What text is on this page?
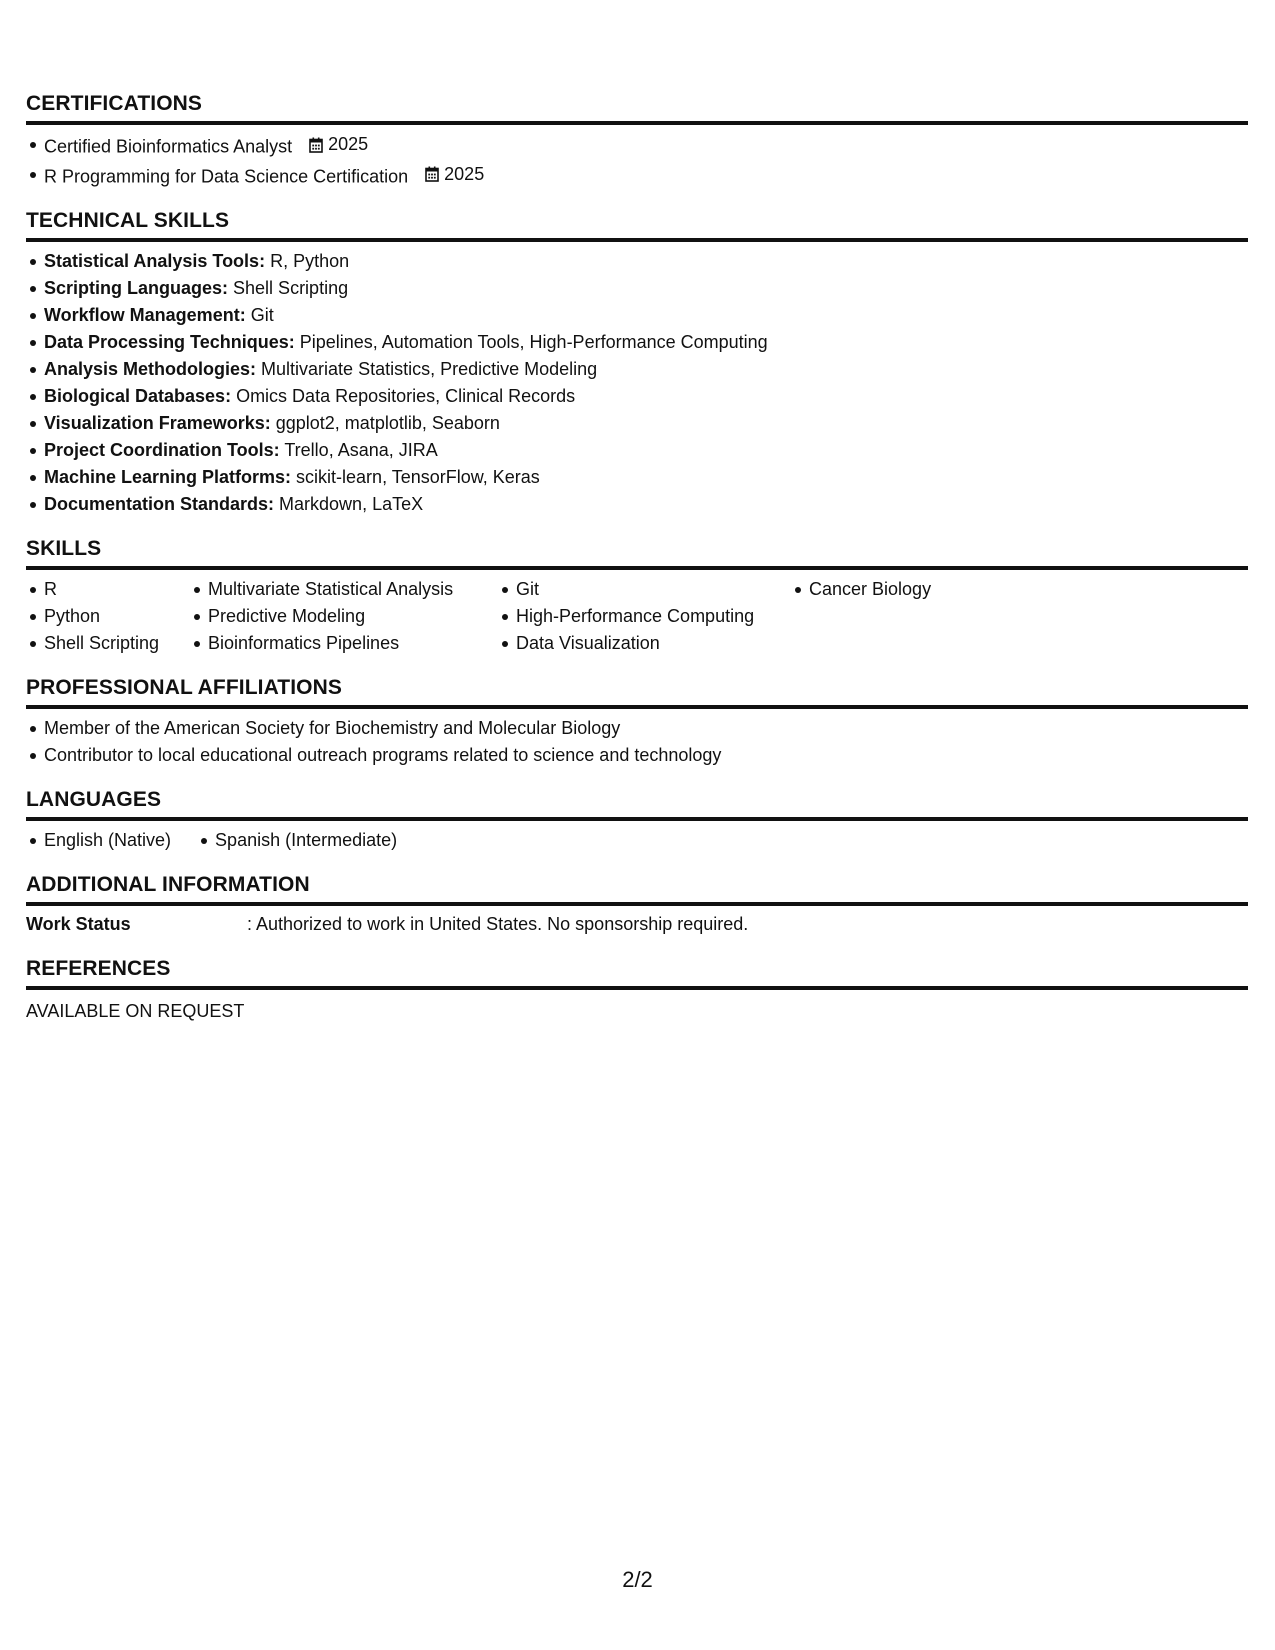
CERTIFICATIONS
Certified Bioinformatics Analyst 2025
R Programming for Data Science Certification 2025
TECHNICAL SKILLS
Statistical Analysis Tools: R, Python
Scripting Languages: Shell Scripting
Workflow Management: Git
Data Processing Techniques: Pipelines, Automation Tools, High-Performance Computing
Analysis Methodologies: Multivariate Statistics, Predictive Modeling
Biological Databases: Omics Data Repositories, Clinical Records
Visualization Frameworks: ggplot2, matplotlib, Seaborn
Project Coordination Tools: Trello, Asana, JIRA
Machine Learning Platforms: scikit-learn, TensorFlow, Keras
Documentation Standards: Markdown, LaTeX
SKILLS
R
Python
Shell Scripting
Multivariate Statistical Analysis
Predictive Modeling
Bioinformatics Pipelines
Git
High-Performance Computing
Data Visualization
Cancer Biology
PROFESSIONAL AFFILIATIONS
Member of the American Society for Biochemistry and Molecular Biology
Contributor to local educational outreach programs related to science and technology
LANGUAGES
English (Native) Spanish (Intermediate)
ADDITIONAL INFORMATION
Work Status	: Authorized to work in United States. No sponsorship required.
REFERENCES
AVAILABLE ON REQUEST
2/2
